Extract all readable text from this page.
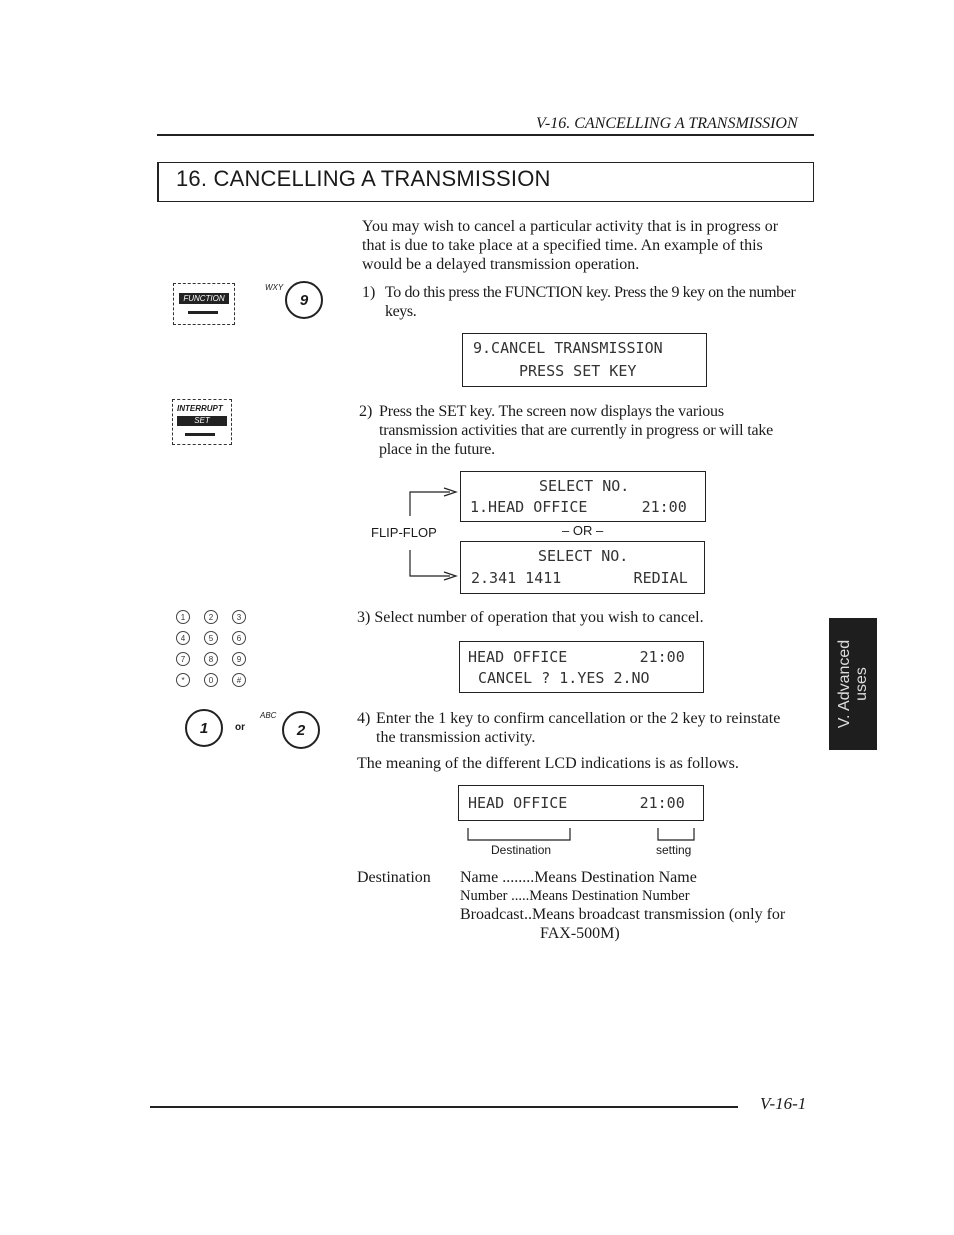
V-16. CANCELLING A TRANSMISSION
16. CANCELLING A TRANSMISSION
You may wish to cancel a particular activity that is in progress or
that is due to take place at a specified time. An example of this
would be a delayed transmission operation.
FUNCTION
WXY
9	1) To do this press the FUNCTION key. Press the 9 key on the number
keys.
9.CANCEL TRANSMISSION
PRESS SET KEY
INTERRUPT
SET
2) Press the SET key. The screen now displays the various
transmission activities that are currently in progress or will take
place in the future.
SELECT NO.
1.HEAD OFFICE      21:00
FLIP-FLOP	– OR –
SELECT NO.
2.341 1411        REDIAL
1	2	3
4	5	6
7	8	9
*	0	#
3) Select number of operation that you wish to cancel.
HEAD OFFICE        21:00
CANCEL ? 1.YES 2.NO
1	or
ABC
2
4) Enter the 1 key to confirm cancellation or the 2 key to reinstate
the transmission activity.
The meaning of the different LCD indications is as follows.
HEAD OFFICE        21:00
Destination	setting
Destination Name ........Means Destination Name
Number .....Means Destination Number
Broadcast..Means broadcast transmission (only for
FAX-500M)
V. Advanced uses
V-16-1
